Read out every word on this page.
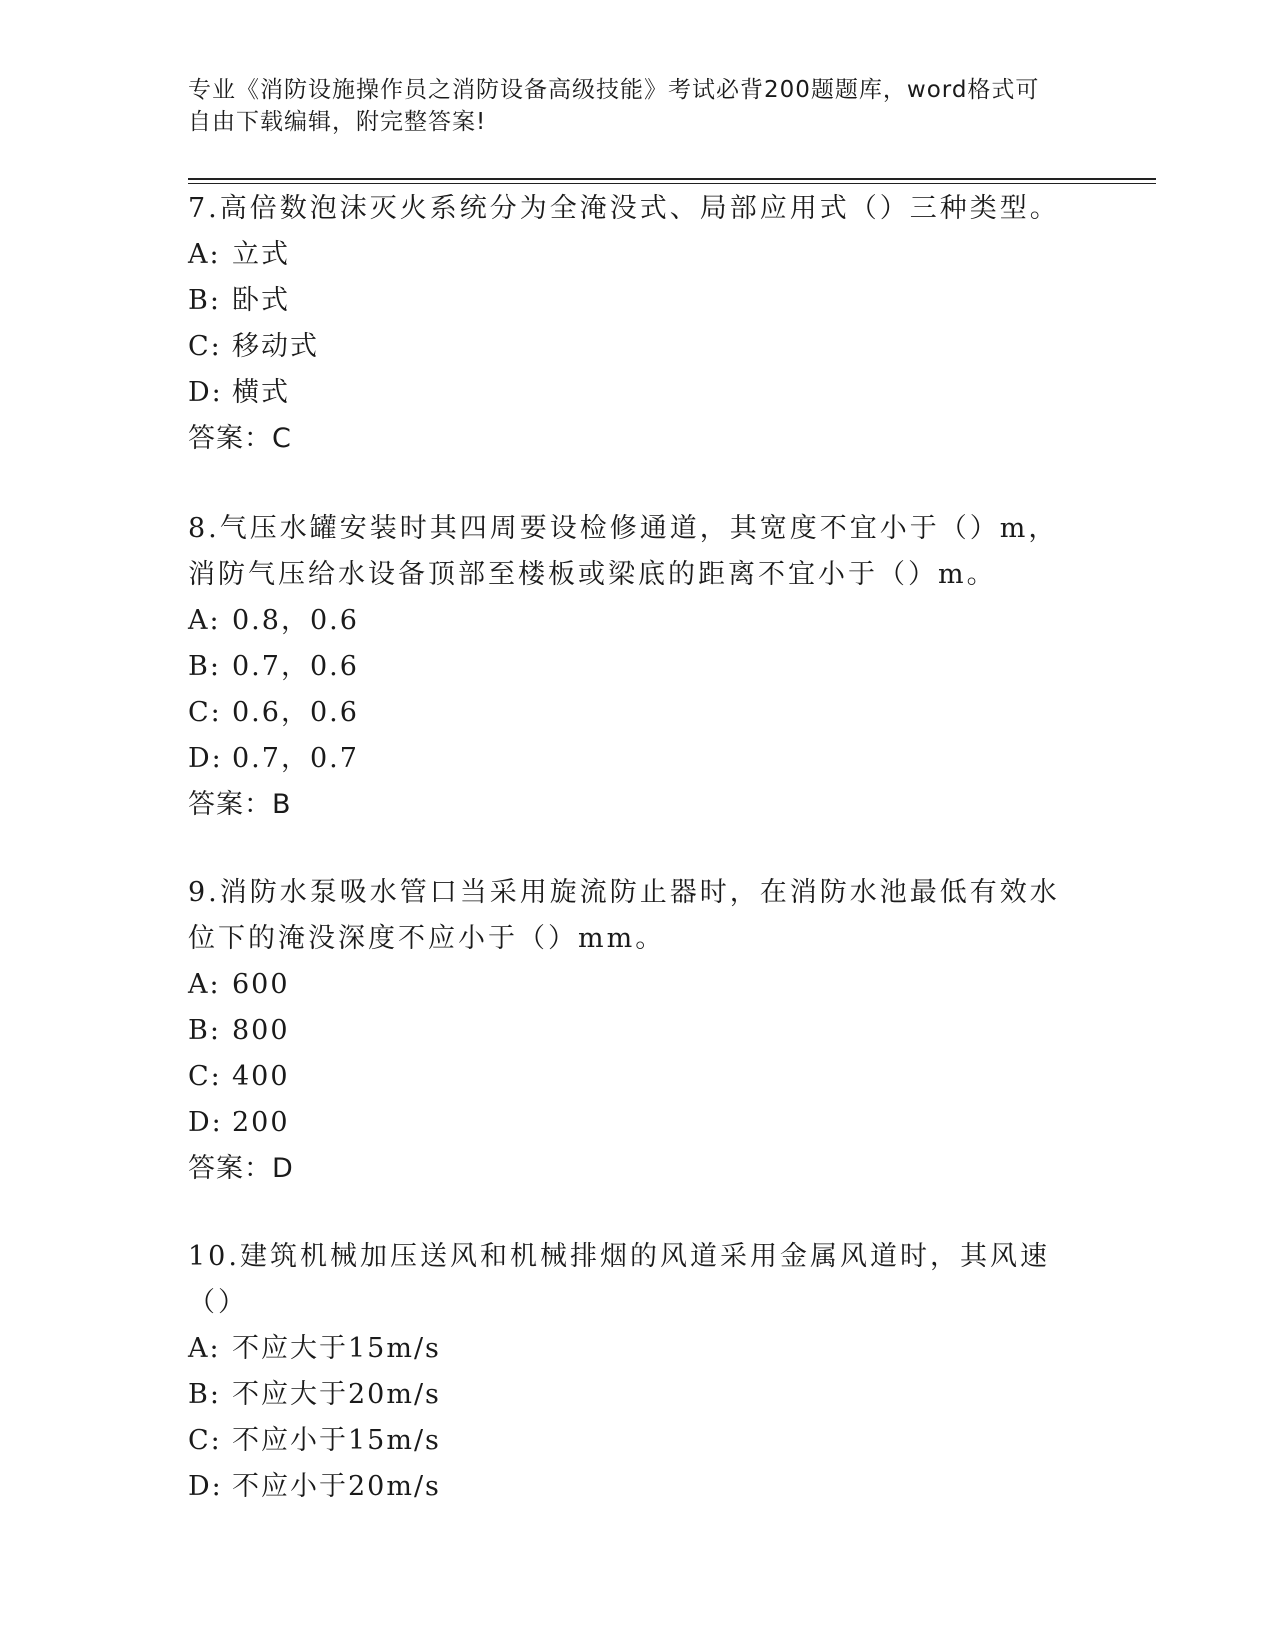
专业《消防设施操作员之消防设备高级技能》考试必背200题题库，word格式可
自由下载编辑，附完整答案!

7.高倍数泡沫灭火系统分为全淹没式、局部应用式（）三种类型。

A: 立式

B: 卧式

C: 移动式

D: 横式

答案：C

8.气压水罐安装时其四周要设检修通道，其宽度不宜小于（）m，消防气压给水设备顶部至楼板或梁底的距离不宜小于（）m。

A: 0.8，0.6

B: 0.7，0.6

C: 0.6，0.6

D: 0.7，0.7

答案：B

9.消防水泵吸水管口当采用旋流防止器时，在消防水池最低有效水位下的淹没深度不应小于（）mm。

A: 600

B: 800

C: 400

D: 200

答案：D

10.建筑机械加压送风和机械排烟的风道采用金属风道时，其风速（）

A: 不应大于15m/s

B: 不应大于20m/s

C: 不应小于15m/s

D: 不应小于20m/s
